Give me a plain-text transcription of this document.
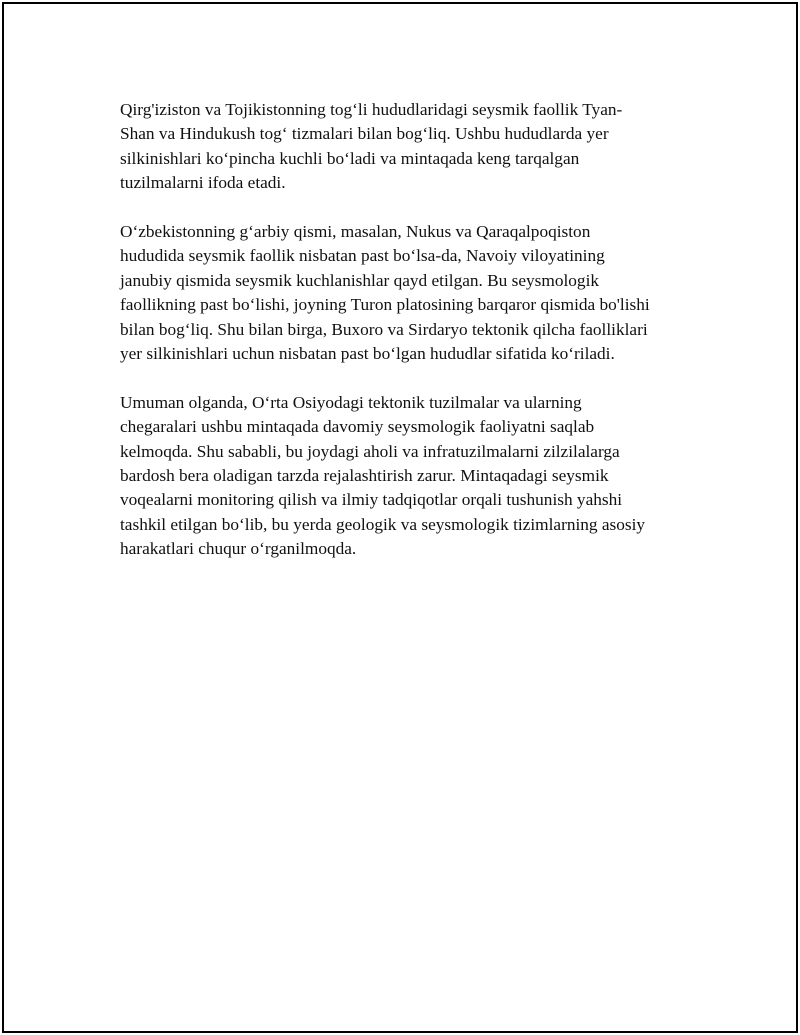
Qirg'iziston va Tojikistonning tog‘li hududlaridagi seysmik faollik Tyan-
Shan va Hindukush tog‘ tizmalari bilan bog‘liq. Ushbu hududlarda yer
silkinishlari ko‘pincha kuchli bo‘ladi va mintaqada keng tarqalgan
tuzilmalarni ifoda etadi.

O‘zbekistonning g‘arbiy qismi, masalan, Nukus va Qaraqalpoqiston
hududida seysmik faollik nisbatan past bo‘lsa-da, Navoiy viloyatining
janubiy qismida seysmik kuchlanishlar qayd etilgan. Bu seysmologik
faollikning past bo‘lishi, joyning Turon platosining barqaror qismida bo'lishi
bilan bog‘liq. Shu bilan birga, Buxoro va Sirdaryo tektonik qilcha faolliklari
yer silkinishlari uchun nisbatan past bo‘lgan hududlar sifatida ko‘riladi.

Umuman olganda, O‘rta Osiyodagi tektonik tuzilmalar va ularning
chegaralari ushbu mintaqada davomiy seysmologik faoliyatni saqlab
kelmoqda. Shu sababli, bu joydagi aholi va infratuzilmalarni zilzilalarga
bardosh bera oladigan tarzda rejalashtirish zarur. Mintaqadagi seysmik
voqealarni monitoring qilish va ilmiy tadqiqotlar orqali tushunish yahshi
tashkil etilgan bo‘lib, bu yerda geologik va seysmologik tizimlarning asosiy
harakatlari chuqur o‘rganilmoqda.
